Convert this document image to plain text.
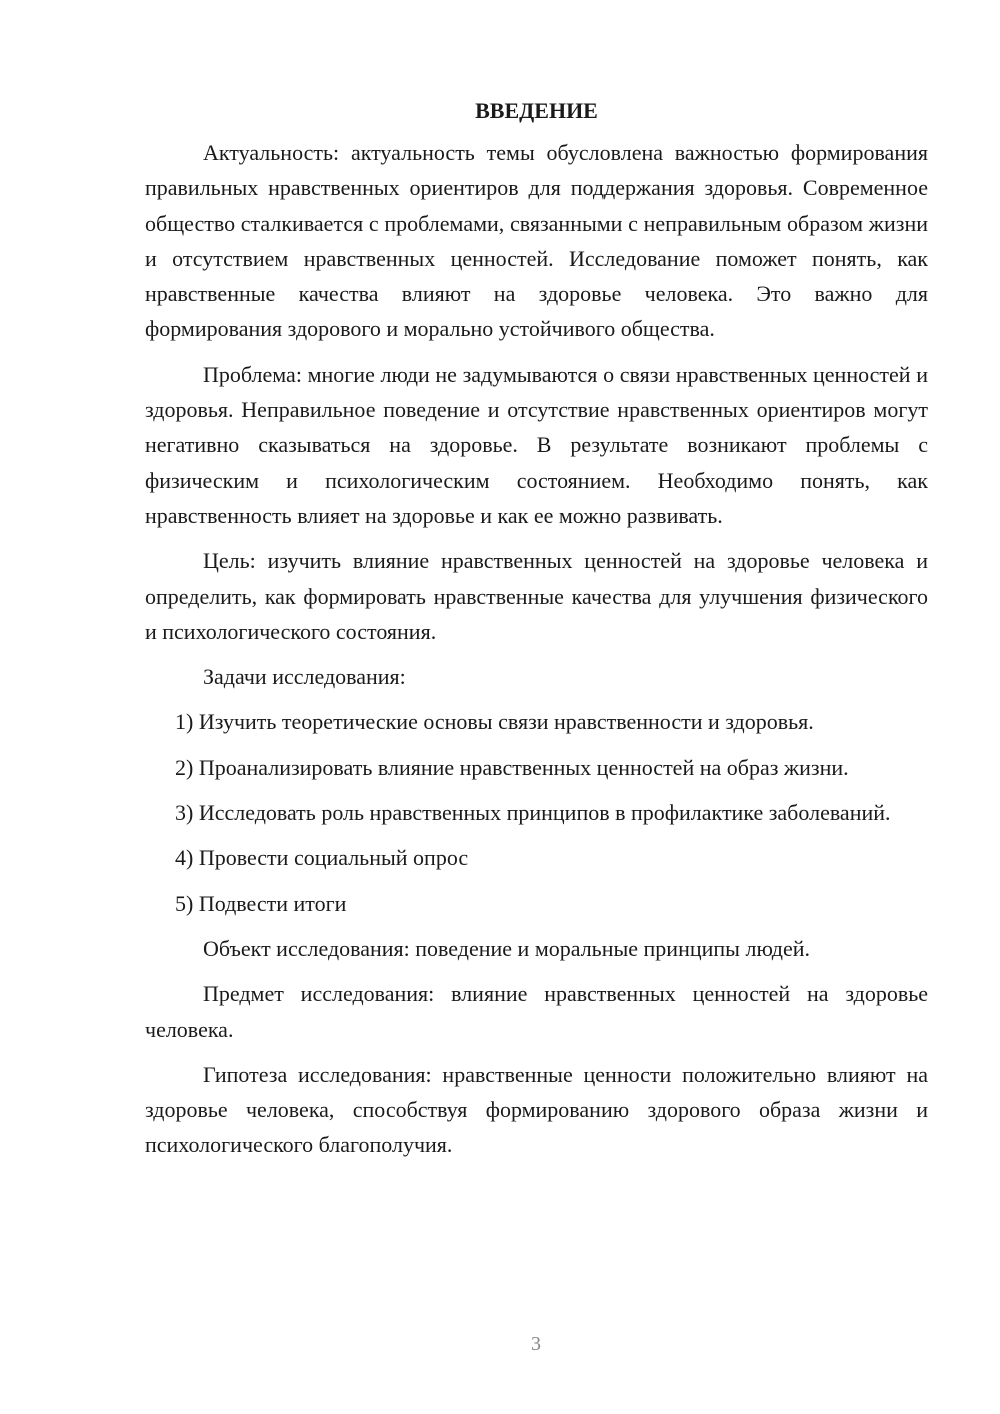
ВВЕДЕНИЕ

Актуальность: актуальность темы обусловлена важностью формирования правильных нравственных ориентиров для поддержания здоровья. Современное общество сталкивается с проблемами, связанными с неправильным образом жизни и отсутствием нравственных ценностей. Исследование поможет понять, как нравственные качества влияют на здоровье человека. Это важно для формирования здорового и морально устойчивого общества.

Проблема: многие люди не задумываются о связи нравственных ценностей и здоровья. Неправильное поведение и отсутствие нравственных ориентиров могут негативно сказываться на здоровье. В результате возникают проблемы с физическим и психологическим состоянием. Необходимо понять, как нравственность влияет на здоровье и как ее можно развивать.

Цель: изучить влияние нравственных ценностей на здоровье человека и определить, как формировать нравственные качества для улучшения физического и психологического состояния.

Задачи исследования:

1) Изучить теоретические основы связи нравственности и здоровья.

2) Проанализировать влияние нравственных ценностей на образ жизни.

3) Исследовать роль нравственных принципов в профилактике заболеваний.

4) Провести социальный опрос

5) Подвести итоги

Объект исследования: поведение и моральные принципы людей.

Предмет исследования: влияние нравственных ценностей на здоровье человека.

Гипотеза исследования: нравственные ценности положительно влияют на здоровье человека, способствуя формированию здорового образа жизни и психологического благополучия.

3
